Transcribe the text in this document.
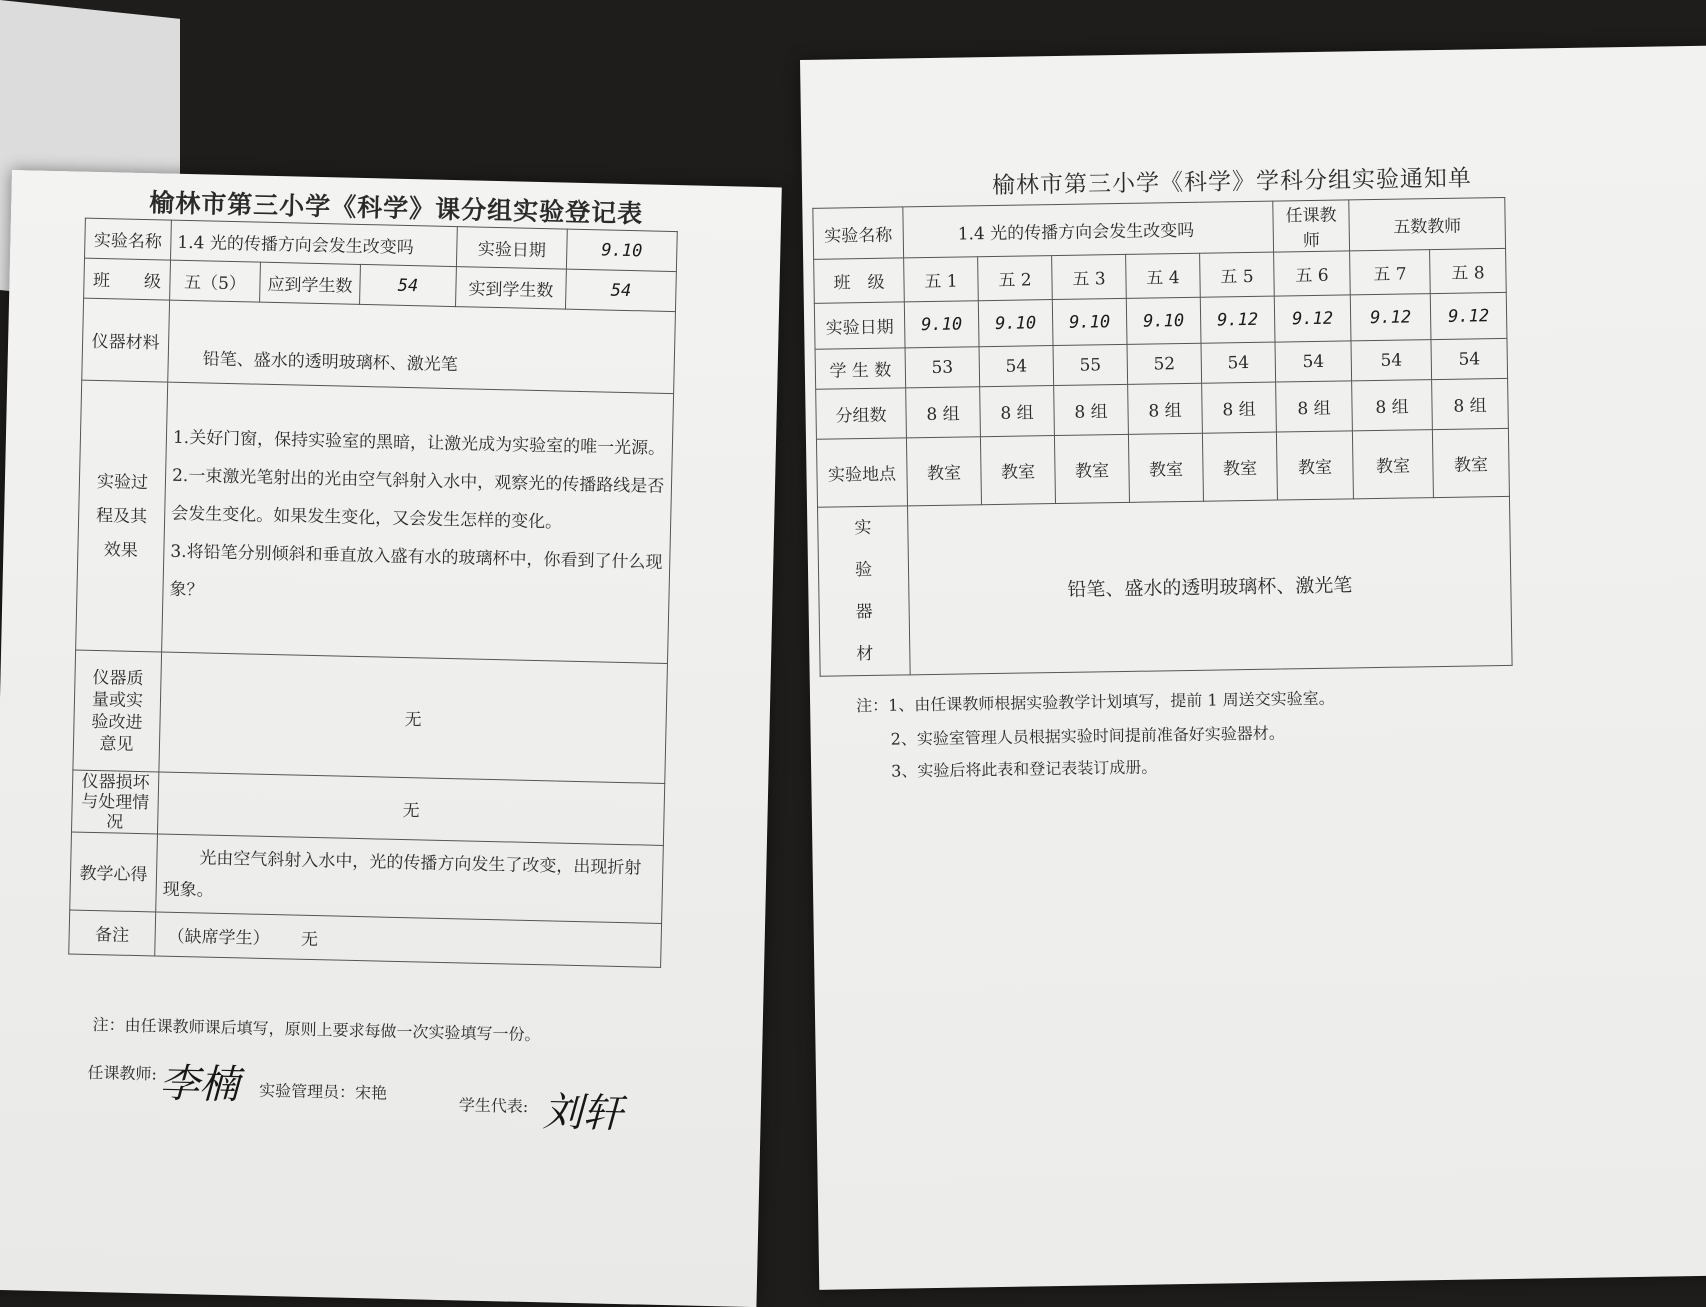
榆林市第三小学《科学》课分组实验登记表
实验名称	1.4 光的传播方向会发生改变吗			实验日期	9.10
班　　级	五（5）	应到学生数	54	实到学生数	54
仪器材料	铅笔、盛水的透明玻璃杯、激光笔				
实验过程及其效果	1.关好门窗，保持实验室的黑暗，让激光成为实验室的唯一光源。

2.一束激光笔射出的光由空气斜射入水中，观察光的传播路线是否

会发生变化。如果发生变化，又会发生怎样的变化。

3.将铅笔分别倾斜和垂直放入盛有水的玻璃杯中，你看到了什么现

象？				

仪器质量或实验改进意见	无				
仪器损坏与处理情况	无				
教学心得	光由空气斜射入水中，光的传播方向发生了改变，出现折射现象。				
备注	（缺席学生） 无				
注：由任课教师课后填写，原则上要求每做一次实验填写一份。
任课教师: 李楠 实验管理员：宋艳
学生代表: 刘轩
榆林市第三小学《科学》学科分组实验通知单
实验名称	1.4 光的传播方向会发生改变吗					任课教师	五数教师	
班　级	五 1	五 2	五 3	五 4	五 5	五 6	五 7	五 8
实验日期	9.10	9.10	9.10	9.10	9.12	9.12	9.12	9.12
学 生 数	53	54	55	52	54	54	54	54
分组数	8 组	8 组	8 组	8 组	8 组	8 组	8 组	8 组
实验地点	教室	教室	教室	教室	教室	教室	教室	教室
实验器材	铅笔、盛水的透明玻璃杯、激光笔							
注：1、由任课教师根据实验教学计划填写，提前 1 周送交实验室。
2、实验室管理人员根据实验时间提前准备好实验器材。
3、实验后将此表和登记表装订成册。
